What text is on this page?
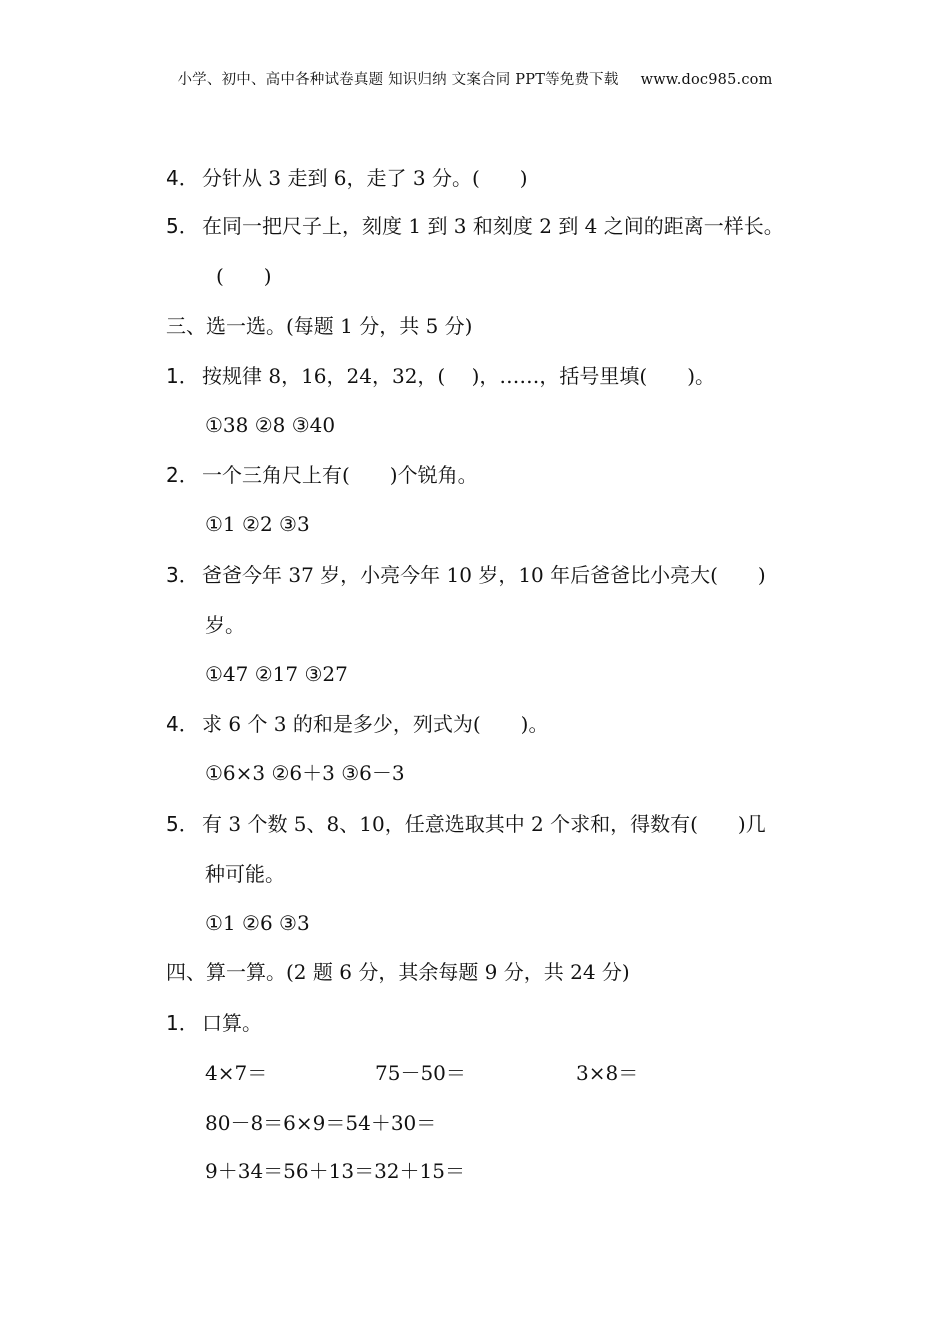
小学、初中、高中各种试卷真题 知识归纳 文案合同 PPT等免费下载 www.doc985.com
4． 分针从 3 走到 6，走了 3 分。(　　)
5． 在同一把尺子上，刻度 1 到 3 和刻度 2 到 4 之间的距离一样长。
(　　)
三、选一选。(每题 1 分，共 5 分)
1． 按规律 8，16，24，32，(　 )，……，括号里填(　　)。
①38 ②8 ③40
2． 一个三角尺上有(　　)个锐角。
①1 ②2 ③3
3． 爸爸今年 37 岁，小亮今年 10 岁，10 年后爸爸比小亮大(　　)
岁。
①47 ②17 ③27
4． 求 6 个 3 的和是多少，列式为(　　)。
①6×3 ②6＋3 ③6－3
5． 有 3 个数 5、8、10，任意选取其中 2 个求和，得数有(　　)几
种可能。
①1 ②6 ③3
四、算一算。(2 题 6 分，其余每题 9 分，共 24 分)
1． 口算。
4×7＝	75－50＝	3×8＝
80－8＝6×9＝54＋30＝
9＋34＝56＋13＝32＋15＝
